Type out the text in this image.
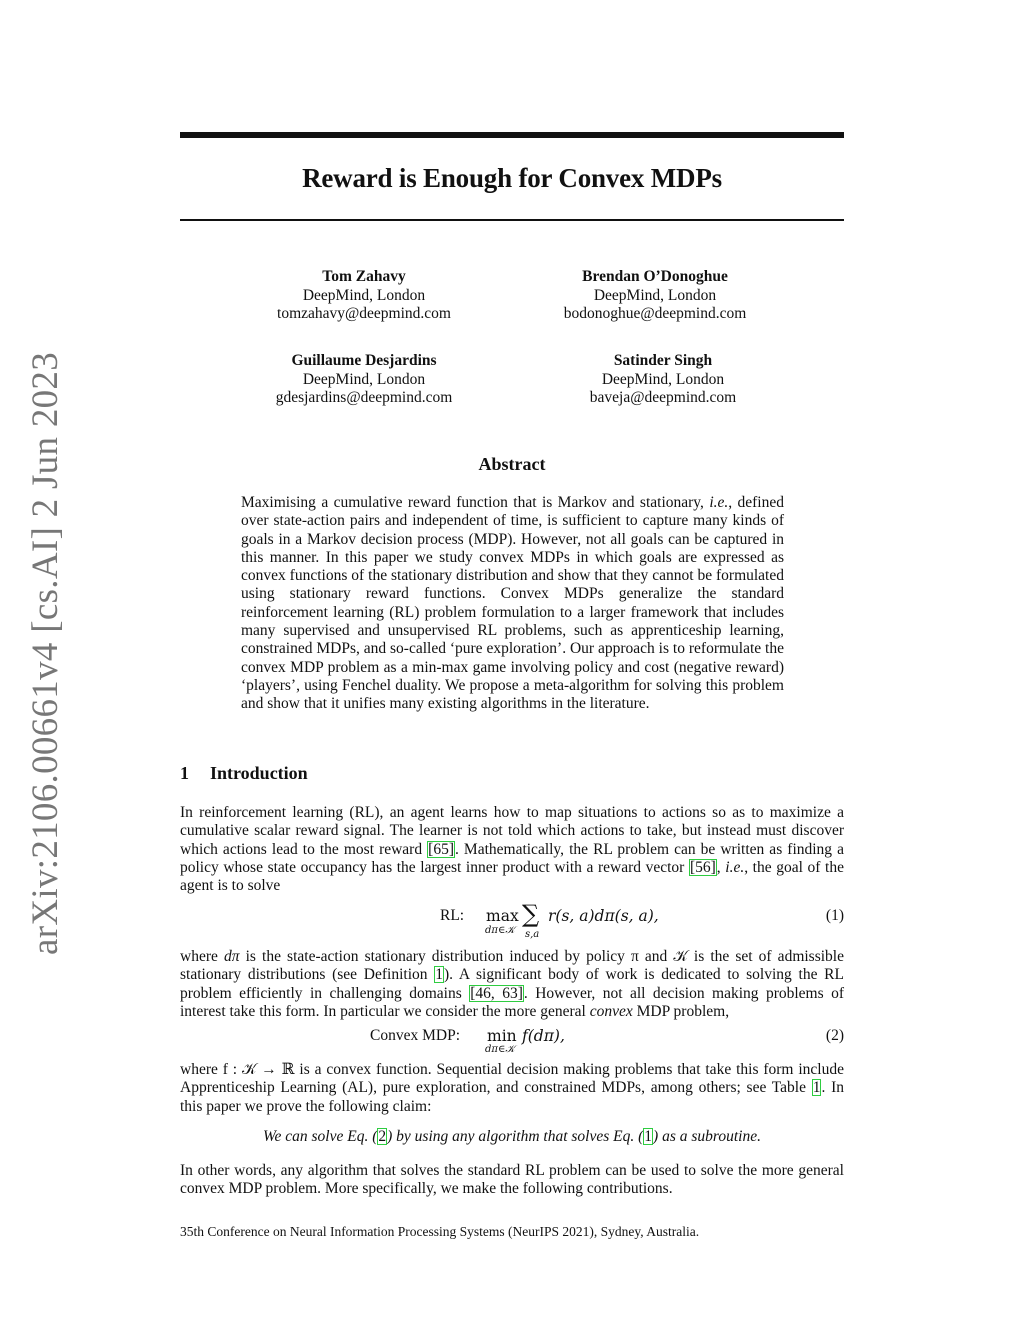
arXiv:2106.00661v4 [cs.AI] 2 Jun 2023
Reward is Enough for Convex MDPs
Tom Zahavy
DeepMind, London
tomzahavy@deepmind.com
Brendan O’Donoghue
DeepMind, London
bodonoghue@deepmind.com
Guillaume Desjardins
DeepMind, London
gdesjardins@deepmind.com
Satinder Singh
DeepMind, London
baveja@deepmind.com
Abstract
Maximising a cumulative reward function that is Markov and stationary, i.e., defined over state-action pairs and independent of time, is sufficient to capture many kinds of goals in a Markov decision process (MDP). However, not all goals can be captured in this manner. In this paper we study convex MDPs in which goals are expressed as convex functions of the stationary distribution and show that they cannot be formulated using stationary reward functions. Convex MDPs generalize the standard reinforcement learning (RL) problem formulation to a larger framework that includes many supervised and unsupervised RL problems, such as apprenticeship learning, constrained MDPs, and so-called ‘pure exploration’. Our approach is to reformulate the convex MDP problem as a min-max game involving policy and cost (negative reward) ‘players’, using Fenchel duality. We propose a meta-algorithm for solving this problem and show that it unifies many existing algorithms in the literature.
1 Introduction
In reinforcement learning (RL), an agent learns how to map situations to actions so as to maximize a cumulative scalar reward signal. The learner is not told which actions to take, but instead must discover which actions lead to the most reward [65]. Mathematically, the RL problem can be written as finding a policy whose state occupancy has the largest inner product with a reward vector [56], i.e., the goal of the agent is to solve
RL: max
dπ∈𝒦
∑
s,a
r(s, a)dπ(s, a),	(1)
where dπ is the state-action stationary distribution induced by policy π and 𝒦 is the set of admissible stationary distributions (see Definition 1). A significant body of work is dedicated to solving the RL problem efficiently in challenging domains [46, 63]. However, not all decision making problems of interest take this form. In particular we consider the more general convex MDP problem,
Convex MDP: min
dπ∈𝒦
f(dπ),	(2)
where f : 𝒦 → ℝ is a convex function. Sequential decision making problems that take this form include Apprenticeship Learning (AL), pure exploration, and constrained MDPs, among others; see Table 1. In this paper we prove the following claim:
We can solve Eq. (2) by using any algorithm that solves Eq. (1) as a subroutine.
In other words, any algorithm that solves the standard RL problem can be used to solve the more general convex MDP problem. More specifically, we make the following contributions.
35th Conference on Neural Information Processing Systems (NeurIPS 2021), Sydney, Australia.
